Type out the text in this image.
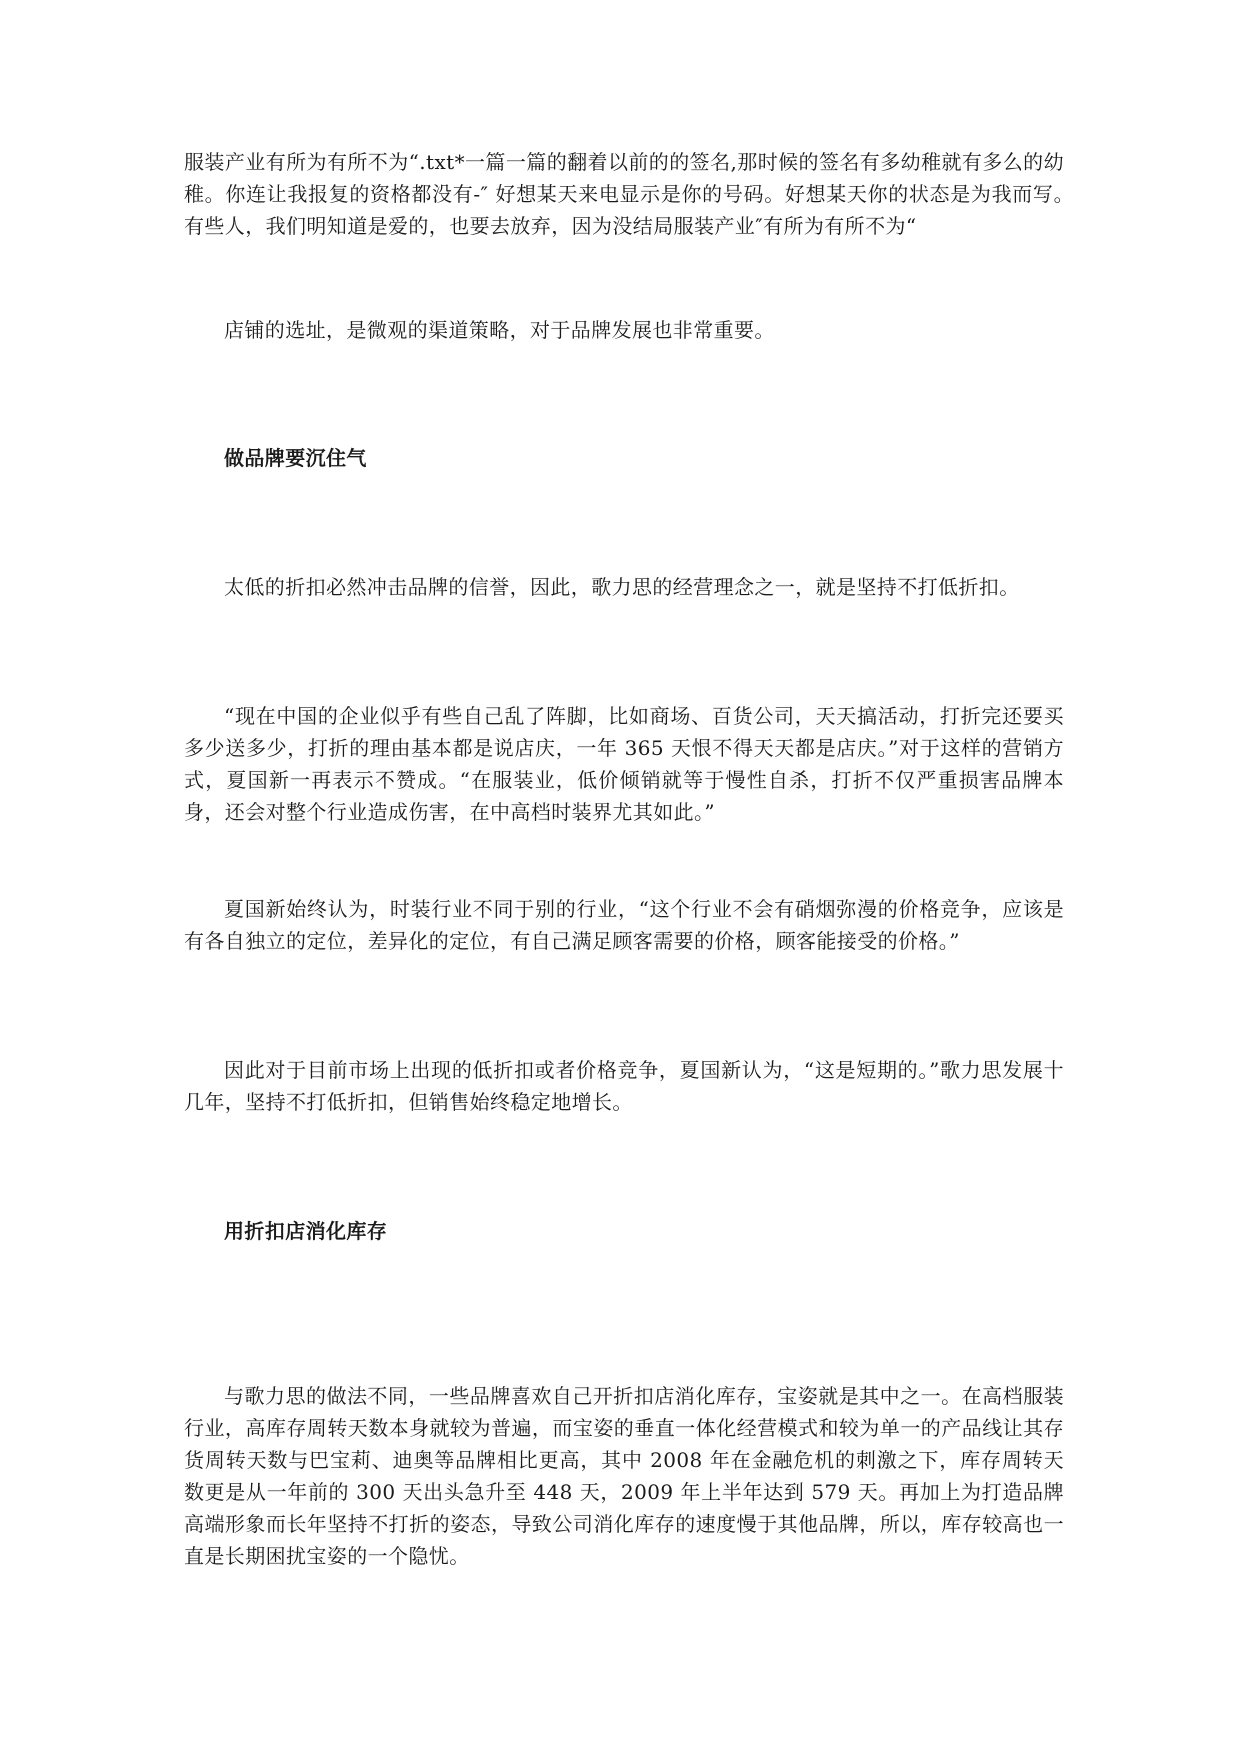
服装产业有所为有所不为“.txt*一篇一篇的翻着以前的的签名,那时候的签名有多幼稚就有多么的幼稚。你连让我报复的资格都没有-″ 好想某天来电显示是你的号码。好想某天你的状态是为我而写。　有些人，我们明知道是爱的，也要去放弃，因为没结局服装产业″有所为有所不为“

店铺的选址，是微观的渠道策略，对于品牌发展也非常重要。

做品牌要沉住气

太低的折扣必然冲击品牌的信誉，因此，歌力思的经营理念之一，就是坚持不打低折扣。

“现在中国的企业似乎有些自己乱了阵脚，比如商场、百货公司，天天搞活动，打折完还要买多少送多少，打折的理由基本都是说店庆，一年 365 天恨不得天天都是店庆。”对于这样的营销方式，夏国新一再表示不赞成。“在服装业，低价倾销就等于慢性自杀，打折不仅严重损害品牌本身，还会对整个行业造成伤害，在中高档时装界尤其如此。”

夏国新始终认为，时装行业不同于别的行业，“这个行业不会有硝烟弥漫的价格竞争，应该是有各自独立的定位，差异化的定位，有自己满足顾客需要的价格，顾客能接受的价格。”

因此对于目前市场上出现的低折扣或者价格竞争，夏国新认为，“这是短期的。”歌力思发展十几年，坚持不打低折扣，但销售始终稳定地增长。

用折扣店消化库存

与歌力思的做法不同，一些品牌喜欢自己开折扣店消化库存，宝姿就是其中之一。在高档服装行业，高库存周转天数本身就较为普遍，而宝姿的垂直一体化经营模式和较为单一的产品线让其存货周转天数与巴宝莉、迪奥等品牌相比更高，其中 2008 年在金融危机的刺激之下，库存周转天数更是从一年前的 300 天出头急升至 448 天，2009 年上半年达到 579 天。再加上为打造品牌高端形象而长年坚持不打折的姿态，导致公司消化库存的速度慢于其他品牌，所以，库存较高也一直是长期困扰宝姿的一个隐忧。
